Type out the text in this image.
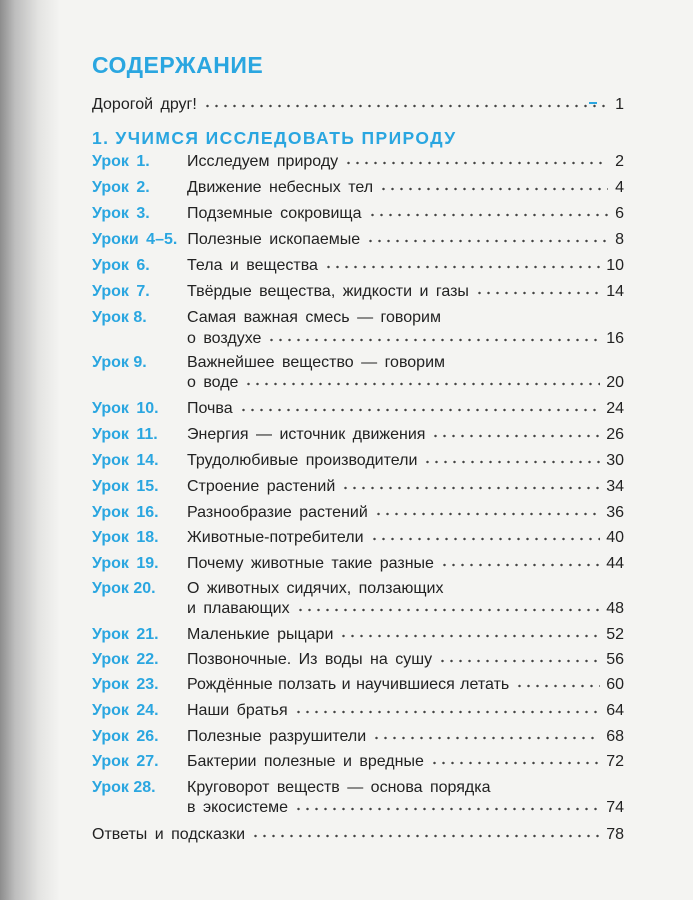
СОДЕРЖАНИЕ
Дорогой друг!	1
1. УЧИМСЯ ИССЛЕДОВАТЬ ПРИРОДУ
Урок 1.	Исследуем природу	2
Урок 2.	Движение небесных тел	4
Урок 3.	Подземные сокровища	6
Уроки 4–5. Полезные ископаемые	8
Урок 6.	Тела и вещества	10
Урок 7.	Твёрдые вещества, жидкости и газы	14
Урок 8.	Самая важная смесь — говорим
о воздухе	16
Урок 9.	Важнейшее вещество — говорим
о воде	20
Урок 10.	Почва	24
Урок 11.	Энергия — источник движения	26
Урок 14.	Трудолюбивые производители	30
Урок 15.	Строение растений	34
Урок 16.	Разнообразие растений	36
Урок 18.	Животные-потребители	40
Урок 19.	Почему животные такие разные	44
Урок 20. О животных сидячих, ползающих
и плавающих	48
Урок 21.	Маленькие рыцари	52
Урок 22.	Позвоночные. Из воды на сушу	56
Урок 23.	Рождённые ползать и научившиеся летать	60
Урок 24.	Наши братья	64
Урок 26.	Полезные разрушители	68
Урок 27.	Бактерии полезные и вредные	72
Урок 28. Круговорот веществ — основа порядка
в экосистеме	74
Ответы и подсказки	78
